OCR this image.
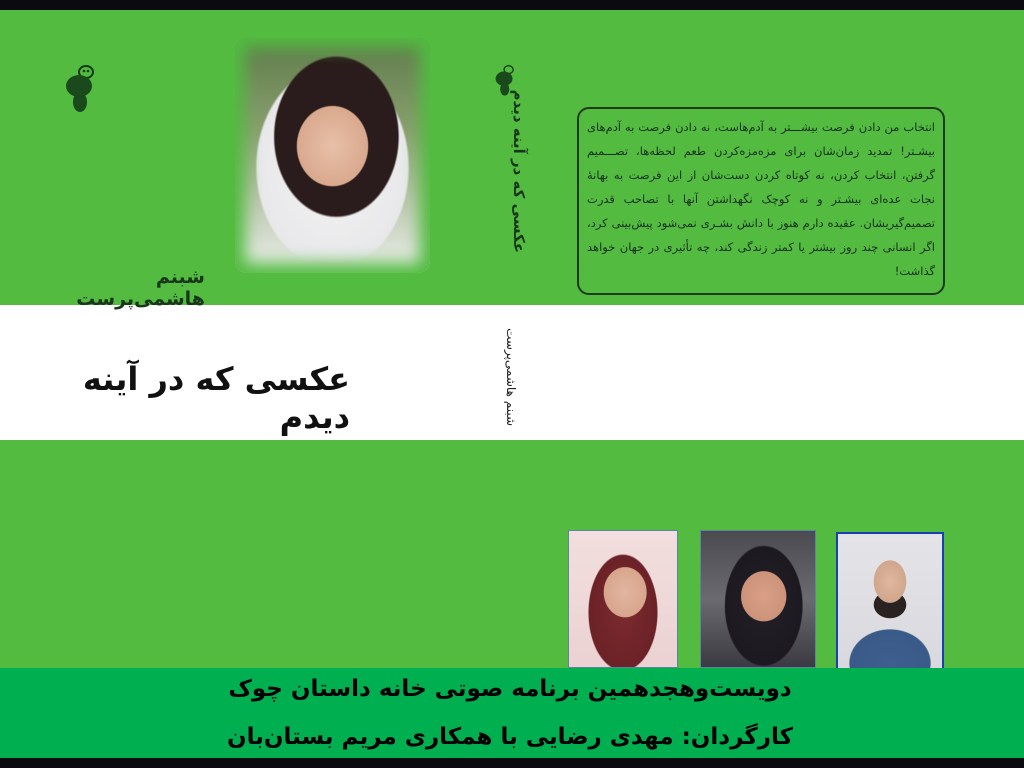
شبنم هاشمی‌پرست
عکسی که در آینه دیدم
عکسی که در آینه دیدم
شبنم هاشمی‌پرست
انتخاب من دادن فرصت بیشـــتر به آدم‌هاست، نه دادن فرصت به آدم‌های بیشـتر! تمدید زمان‌شان برای مزه‌مزه‌کردن طعم لحظه‌ها، تصـــمیم گرفتن، انتخاب کردن، نه کوتاه کردن دست‌شان از این فرصت به بهانهٔ نجات عده‌ای بیشـتر و نه کوچک نگهداشتن آنها با تصاحب قدرت تصمیم‌گیریشان. عقیده دارم هنوز با دانش بشـری نمی‌شود پیش‌بینی کرد، اگر انسانی چند روز بیشتر یا کمتر زندگی کند، چه تأثیری در جهان خواهد گذاشت!
دویست‌وهجدهمین برنامه صوتی خانه داستان چوک
کارگردان: مهدی رضایی با همکاری مریم بستان‌بان
